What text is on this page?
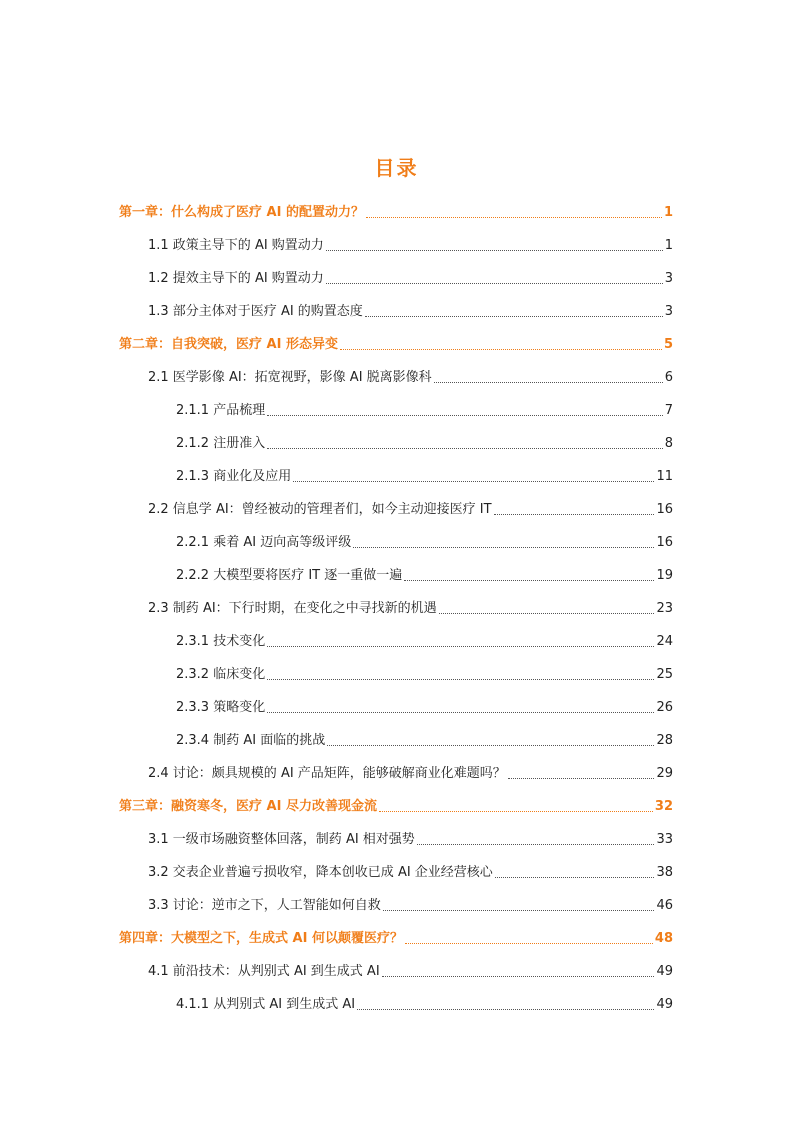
目录
第一章：什么构成了医疗 AI 的配置动力？	1
1.1 政策主导下的 AI 购置动力	1
1.2 提效主导下的 AI 购置动力	3
1.3 部分主体对于医疗 AI 的购置态度	3
第二章：自我突破，医疗 AI 形态异变	5
2.1 医学影像 AI：拓宽视野，影像 AI 脱离影像科	6
2.1.1 产品梳理	7
2.1.2 注册准入	8
2.1.3 商业化及应用	11
2.2 信息学 AI：曾经被动的管理者们，如今主动迎接医疗 IT	16
2.2.1 乘着 AI 迈向高等级评级	16
2.2.2 大模型要将医疗 IT 逐一重做一遍	19
2.3 制药 AI：下行时期，在变化之中寻找新的机遇	23
2.3.1 技术变化	24
2.3.2 临床变化	25
2.3.3 策略变化	26
2.3.4 制药 AI 面临的挑战	28
2.4 讨论：颇具规模的 AI 产品矩阵，能够破解商业化难题吗？	29
第三章：融资寒冬，医疗 AI 尽力改善现金流	32
3.1 一级市场融资整体回落，制药 AI 相对强势	33
3.2 交表企业普遍亏损收窄，降本创收已成 AI 企业经营核心	38
3.3 讨论：逆市之下，人工智能如何自救	46
第四章：大模型之下，生成式 AI 何以颠覆医疗？	48
4.1 前沿技术：从判别式 AI 到生成式 AI	49
4.1.1 从判别式 AI 到生成式 AI	49
